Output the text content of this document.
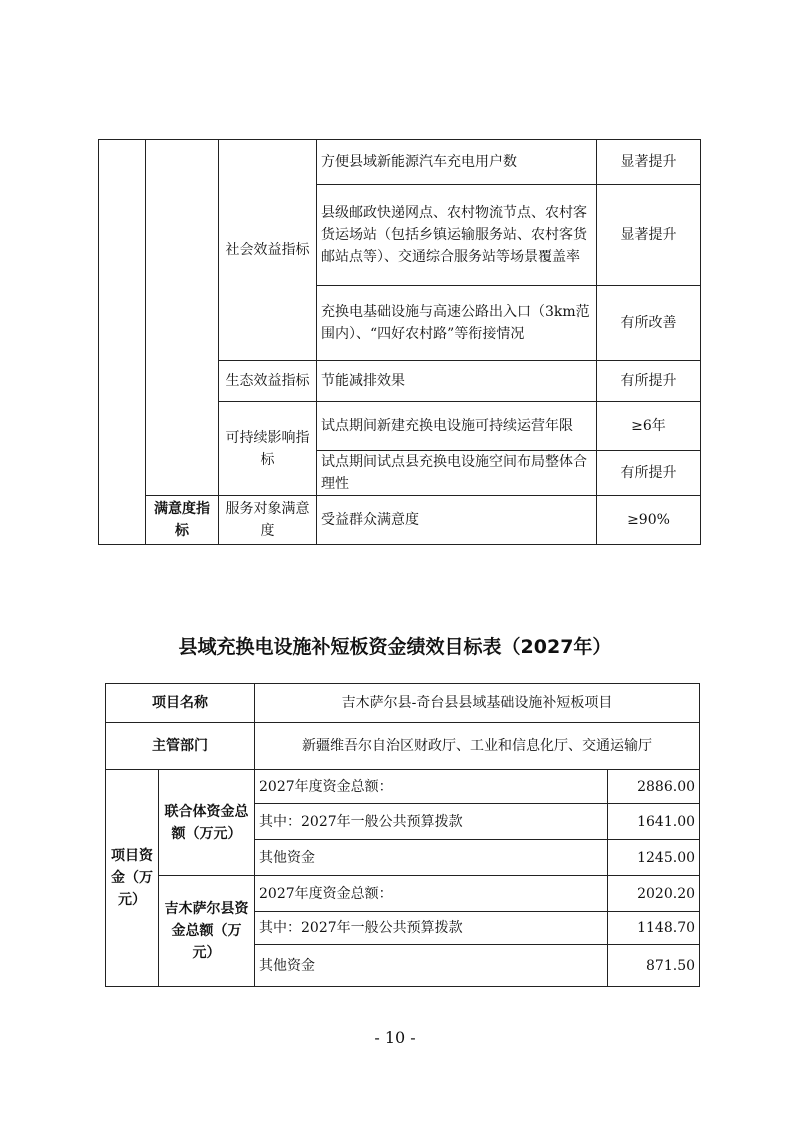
		社会效益指标	方便县域新能源汽车充电用户数	显著提升
			县级邮政快递网点、农村物流节点、农村客货运场站（包括乡镇运输服务站、农村客货邮站点等）、交通综合服务站等场景覆盖率	显著提升
			充换电基础设施与高速公路出入口（3km范围内）、“四好农村路”等衔接情况	有所改善
		生态效益指标	节能减排效果	有所提升
		可持续影响指标	试点期间新建充换电设施可持续运营年限	≥6年
			试点期间试点县充换电设施空间布局整体合理性	有所提升
	满意度指标	服务对象满意度	受益群众满意度	≥90%
县域充换电设施补短板资金绩效目标表（2027年）
项目名称		吉木萨尔县-奇台县县域基础设施补短板项目	
主管部门		新疆维吾尔自治区财政厅、工业和信息化厅、交通运输厅	
项目资金（万元）	联合体资金总额（万元）	2027年度资金总额：	2886.00
		其中：2027年一般公共预算拨款	1641.00
		其他资金	1245.00
	吉木萨尔县资金总额（万元）	2027年度资金总额：	2020.20
		其中：2027年一般公共预算拨款	1148.70
		其他资金	871.50
- 10 -
